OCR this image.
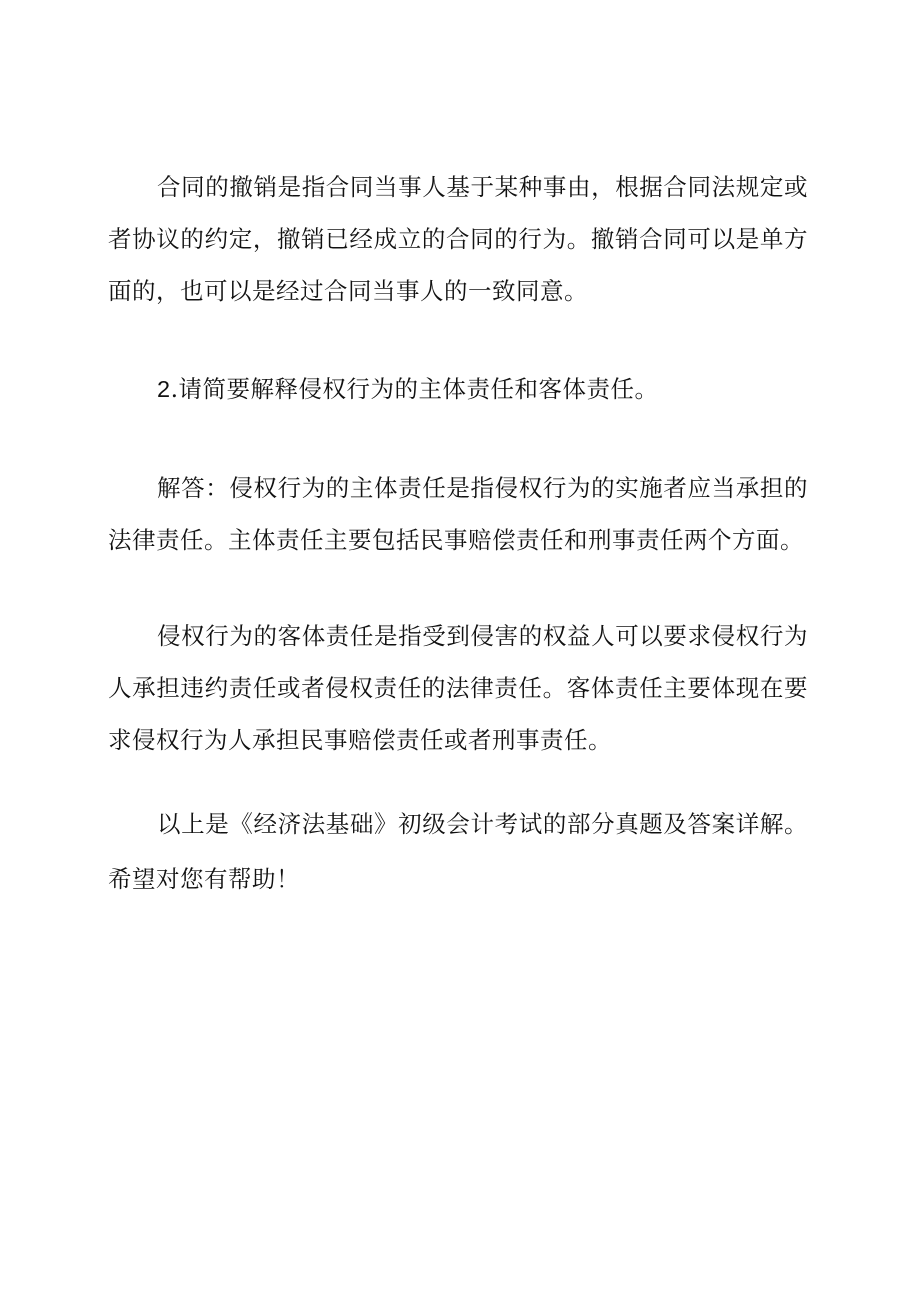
合同的撤销是指合同当事人基于某种事由，根据合同法规定或者协议的约定，撤销已经成立的合同的行为。撤销合同可以是单方面的，也可以是经过合同当事人的一致同意。

2.请简要解释侵权行为的主体责任和客体责任。

解答：侵权行为的主体责任是指侵权行为的实施者应当承担的法律责任。主体责任主要包括民事赔偿责任和刑事责任两个方面。

侵权行为的客体责任是指受到侵害的权益人可以要求侵权行为人承担违约责任或者侵权责任的法律责任。客体责任主要体现在要求侵权行为人承担民事赔偿责任或者刑事责任。

以上是《经济法基础》初级会计考试的部分真题及答案详解。希望对您有帮助！
